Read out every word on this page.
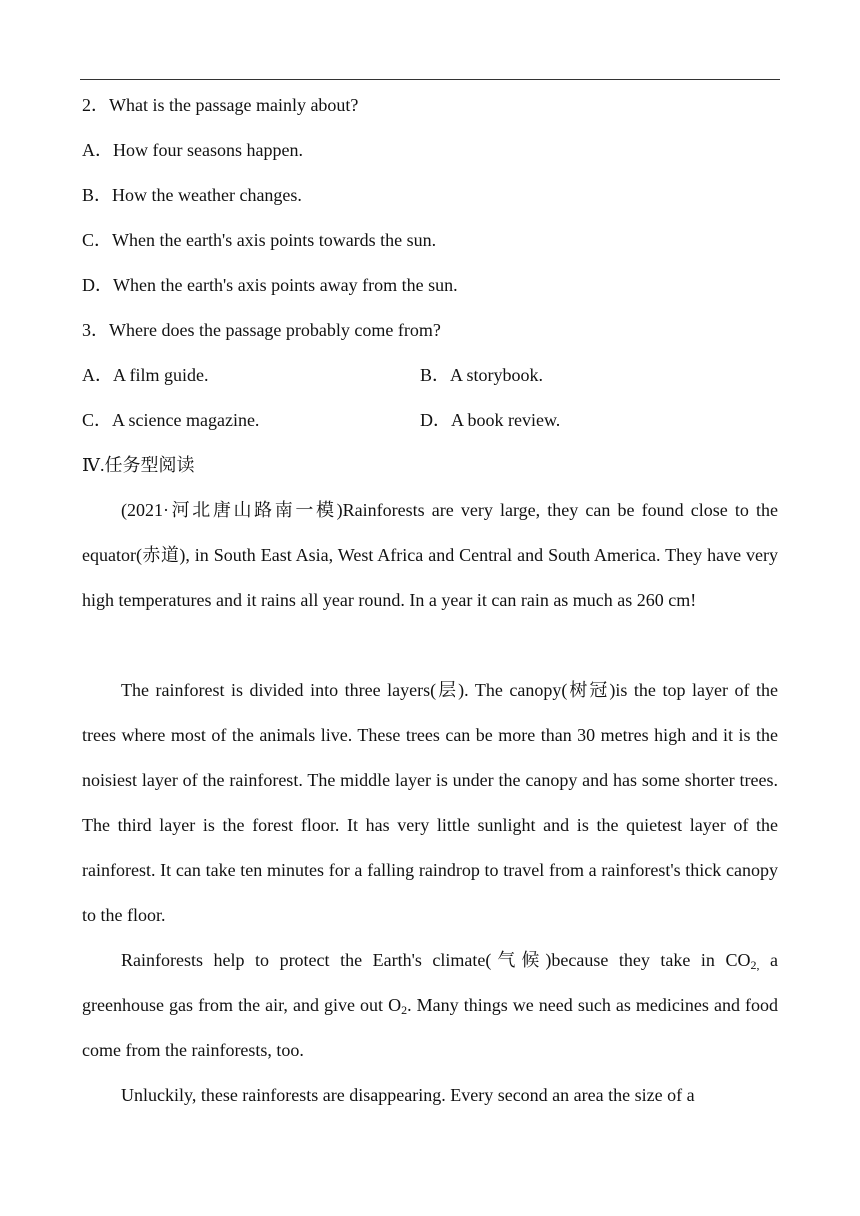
2．What is the passage mainly about?
A．How four seasons happen.
B．How the weather changes.
C．When the earth's axis points towards the sun.
D．When the earth's axis points away from the sun.
3．Where does the passage probably come from?
A．A film guide.	B．A storybook.
C．A science magazine.	D．A book review.
Ⅳ.任务型阅读
(2021·河北唐山路南一模)Rainforests are very large, they can be found close to the equator(赤道), in South East Asia, West Africa and Central and South America. They have very high temperatures and it rains all year round. In a year it can rain as much as 260 cm!
The rainforest is divided into three layers(层). The canopy(树冠)is the top layer of the trees where most of the animals live. These trees can be more than 30 metres high and it is the noisiest layer of the rainforest. The middle layer is under the canopy and has some shorter trees. The third layer is the forest floor. It has very little sunlight and is the quietest layer of the rainforest. It can take ten minutes for a falling raindrop to travel from a rainforest's thick canopy to the floor.
Rainforests help to protect the Earth's climate(气候)because they take in $CO_{2,}$ a greenhouse gas from the air, and give out $O_2$. Many things we need such as medicines and food come from the rainforests, too.
Unluckily, these rainforests are disappearing. Every second an area the size of a
